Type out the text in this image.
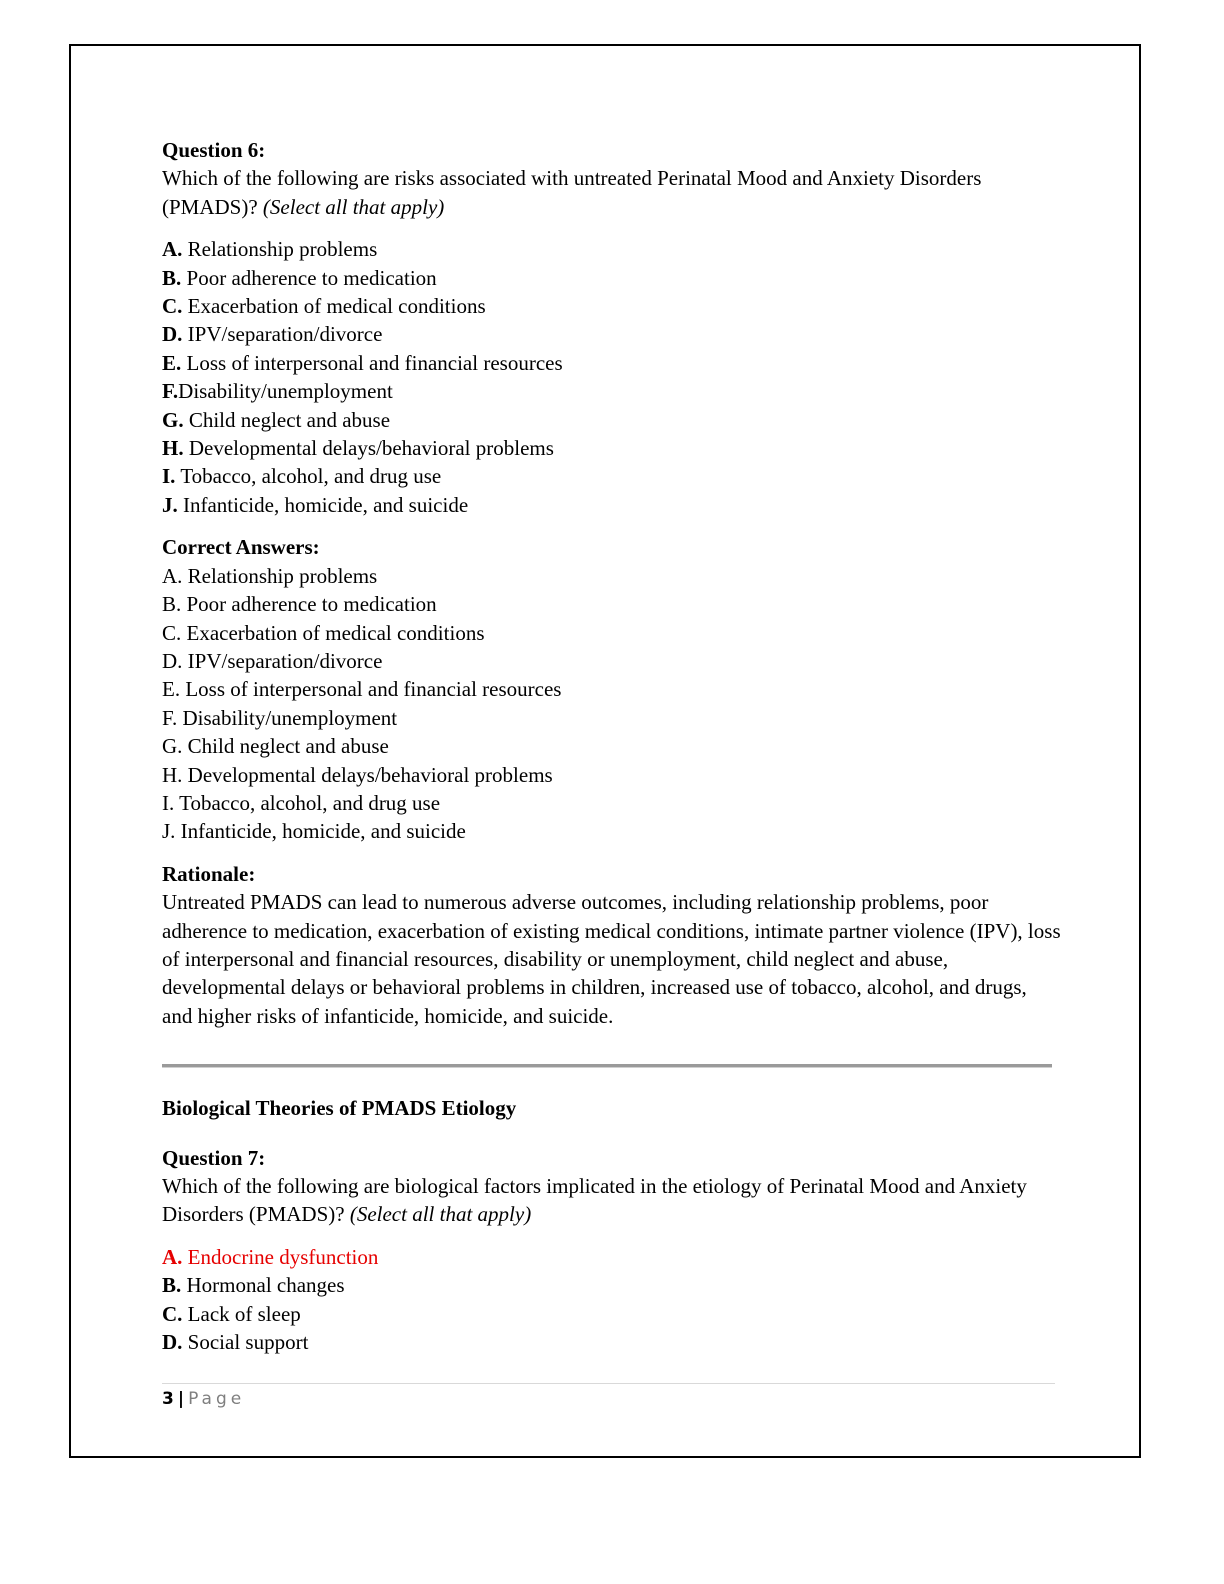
Question 6:

Which of the following are risks associated with untreated Perinatal Mood and Anxiety Disorders (PMADS)? (Select all that apply)

A. Relationship problems
B. Poor adherence to medication
C. Exacerbation of medical conditions
D. IPV/separation/divorce
E. Loss of interpersonal and financial resources
F.Disability/unemployment
G. Child neglect and abuse
H. Developmental delays/behavioral problems
I. Tobacco, alcohol, and drug use
J. Infanticide, homicide, and suicide

Correct Answers:

A. Relationship problems
B. Poor adherence to medication
C. Exacerbation of medical conditions
D. IPV/separation/divorce
E. Loss of interpersonal and financial resources
F. Disability/unemployment
G. Child neglect and abuse
H. Developmental delays/behavioral problems
I. Tobacco, alcohol, and drug use
J. Infanticide, homicide, and suicide

Rationale:

Untreated PMADS can lead to numerous adverse outcomes, including relationship problems, poor adherence to medication, exacerbation of existing medical conditions, intimate partner violence (IPV), loss of interpersonal and financial resources, disability or unemployment, child neglect and abuse, developmental delays or behavioral problems in children, increased use of tobacco, alcohol, and drugs, and higher risks of infanticide, homicide, and suicide.

Biological Theories of PMADS Etiology

Question 7:

Which of the following are biological factors implicated in the etiology of Perinatal Mood and Anxiety Disorders (PMADS)? (Select all that apply)

A. Endocrine dysfunction
B. Hormonal changes
C. Lack of sleep
D. Social support
3 | Page
